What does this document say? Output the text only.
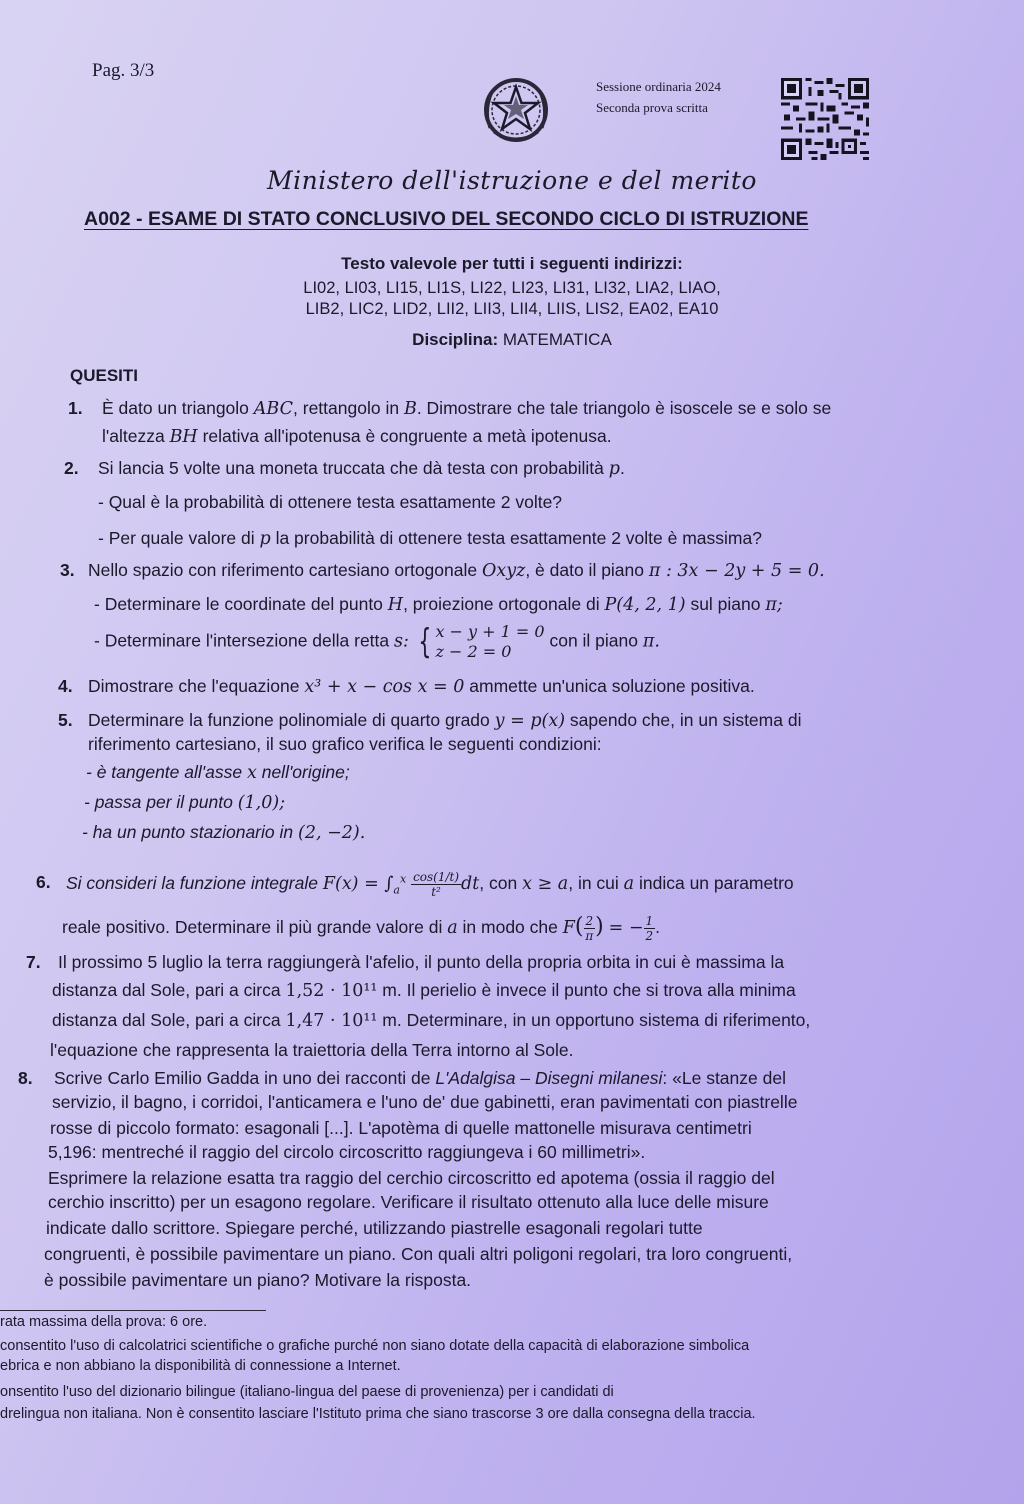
Pag. 3/3
Sessione ordinaria 2024
Seconda prova scritta
Ministero dell'istruzione e del merito
A002 - ESAME DI STATO CONCLUSIVO DEL SECONDO CICLO DI ISTRUZIONE
Testo valevole per tutti i seguenti indirizzi:
LI02, LI03, LI15, LI1S, LI22, LI23, LI31, LI32, LIA2, LIAO,
LIB2, LIC2, LID2, LII2, LII3, LII4, LIIS, LIS2, EA02, EA10
Disciplina: MATEMATICA
QUESITI
1. È dato un triangolo ABC, rettangolo in B. Dimostrare che tale triangolo è isoscele se e solo se
l'altezza BH relativa all'ipotenusa è congruente a metà ipotenusa.
2. Si lancia 5 volte una moneta truccata che dà testa con probabilità p.
- Qual è la probabilità di ottenere testa esattamente 2 volte?
- Per quale valore di p la probabilità di ottenere testa esattamente 2 volte è massima?
3. Nello spazio con riferimento cartesiano ortogonale Oxyz, è dato il piano π : 3x − 2y + 5 = 0.
- Determinare le coordinate del punto H, proiezione ortogonale di P(4, 2, 1) sul piano π;
- Determinare l'intersezione della retta s: { x − y + 1 = 0
z − 2 = 0
con il piano π.
4. Dimostrare che l'equazione x³ + x − cos x = 0 ammette un'unica soluzione positiva.
5. Determinare la funzione polinomiale di quarto grado y = p(x) sapendo che, in un sistema di
riferimento cartesiano, il suo grafico verifica le seguenti condizioni:
- è tangente all'asse x nell'origine;
- passa per il punto (1,0);
- ha un punto stazionario in (2, −2).
6. Si consideri la funzione integrale $F(x) = \int_a^x \frac{\cos(1/t)}{\text{t²}}$ dt, con x ≥ a, in cui a indica un parametro
reale positivo. Determinare il più grande valore di a in modo che $F( \frac{2}{\pi}$ ) = − $\frac{1}{2}$ .
7. Il prossimo 5 luglio la terra raggiungerà l'afelio, il punto della propria orbita in cui è massima la
distanza dal Sole, pari a circa 1,52 · 10¹¹ m. Il perielio è invece il punto che si trova alla minima
distanza dal Sole, pari a circa 1,47 · 10¹¹ m. Determinare, in un opportuno sistema di riferimento,
l'equazione che rappresenta la traiettoria della Terra intorno al Sole.
8. Scrive Carlo Emilio Gadda in uno dei racconti de L'Adalgisa – Disegni milanesi: «Le stanze del
servizio, il bagno, i corridoi, l'anticamera e l'uno de' due gabinetti, eran pavimentati con piastrelle
rosse di piccolo formato: esagonali [...]. L'apotèma di quelle mattonelle misurava centimetri
5,196: mentreché il raggio del circolo circoscritto raggiungeva i 60 millimetri».
Esprimere la relazione esatta tra raggio del cerchio circoscritto ed apotema (ossia il raggio del
cerchio inscritto) per un esagono regolare. Verificare il risultato ottenuto alla luce delle misure
indicate dallo scrittore. Spiegare perché, utilizzando piastrelle esagonali regolari tutte
congruenti, è possibile pavimentare un piano. Con quali altri poligoni regolari, tra loro congruenti,
è possibile pavimentare un piano? Motivare la risposta.
rata massima della prova: 6 ore.
consentito l'uso di calcolatrici scientifiche o grafiche purché non siano dotate della capacità di elaborazione simbolica
ebrica e non abbiano la disponibilità di connessione a Internet.
onsentito l'uso del dizionario bilingue (italiano-lingua del paese di provenienza) per i candidati di
drelingua non italiana. Non è consentito lasciare l'Istituto prima che siano trascorse 3 ore dalla consegna della traccia.
